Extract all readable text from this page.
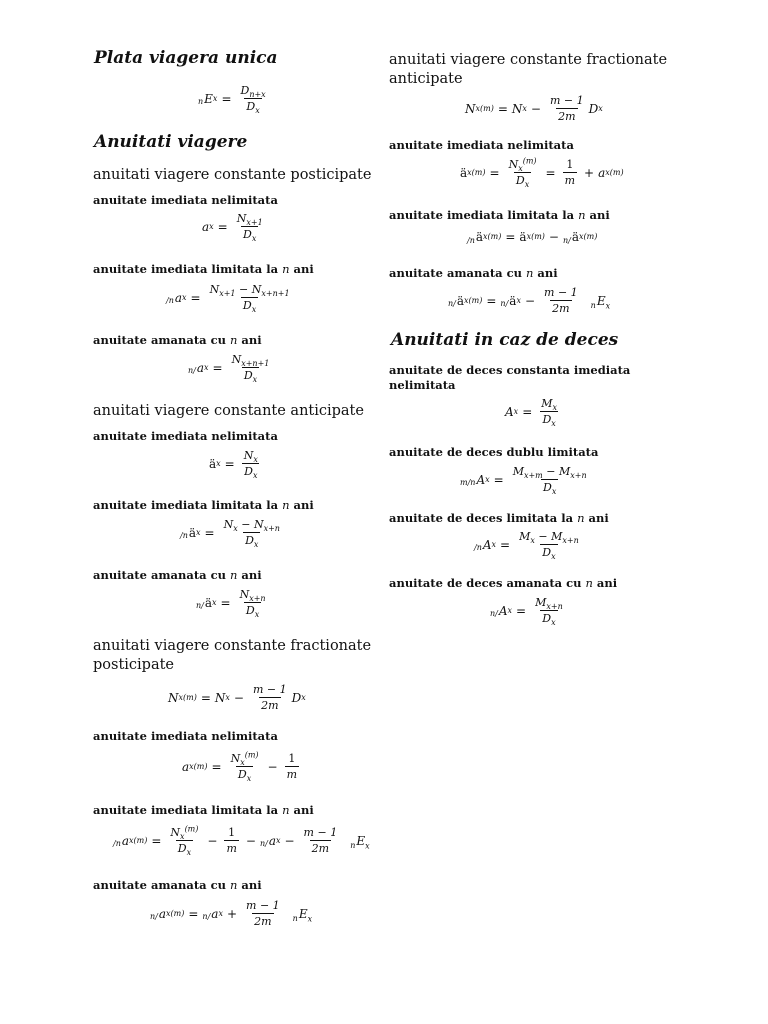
Plata viagera unica
n E $x = \frac{D_{n+x}}{D_x}$
Anuitati viagere
anuitati viagere constante posticipate
anuitate imediata nelimitata
a $x = \frac{N_{x+1}}{D_x}$
anuitate imediata limitata la n ani
/n a $x = \frac{N_{x+1} - N_{x+n+1}}{D_x}$
anuitate amanata cu n ani
n/ a $x = \frac{N_{x+n+1}}{D_x}$
anuitati viagere constante anticipate
anuitate imediata nelimitata
ä $x = \frac{N_x}{D_x}$
anuitate imediata limitata la n ani
/n ä $x = \frac{N_x - N_{x+n}}{D_x}$
anuitate amanata cu n ani
n/ ä $x = \frac{N_{x+n}}{D_x}$
anuitati viagere constante fractionate posticipate
N x (m) = N $x - \frac{m - 1}{2m}$ D x
anuitate imediata nelimitata
a x $(m) = \frac{N_x^{(m)}}{D_x} - \frac{1}{m}$
anuitate imediata limitata la n ani
/n a x $(m) = \frac{N_x^{(m)}}{D_x} - \frac{1}{m} - n/$ a $x - \frac{m - 1}{2m} _nE_x$
anuitate amanata cu n ani
n/ a x (m) = n/ a $x + \frac{m - 1}{2m} _nE_x$
anuitati viagere constante fractionate anticipate
N x (m) = N $x - \frac{m - 1}{2m}$ D x
anuitate imediata nelimitata
ä x $(m) = \frac{N_x^{(m)}}{D_x} = \frac{1}{m} + a$ x (m)
anuitate imediata limitata la n ani
/n ä x (m) = ä x (m) − n/ ä x (m)
anuitate amanata cu n ani
n/ ä x (m) = n/ ä $x - \frac{m - 1}{2m} _nE_x$
Anuitati in caz de deces
anuitate de deces constanta imediata nelimitata
A $x = \frac{M_x}{D_x}$
anuitate de deces dublu limitata
m/n A $x = \frac{M_{x+m} - M_{x+n}}{D_x}$
anuitate de deces limitata la n ani
/n A $x = \frac{M_x - M_{x+n}}{D_x}$
anuitate de deces amanata cu n ani
n/ A $x = \frac{M_{x+n}}{D_x}$
